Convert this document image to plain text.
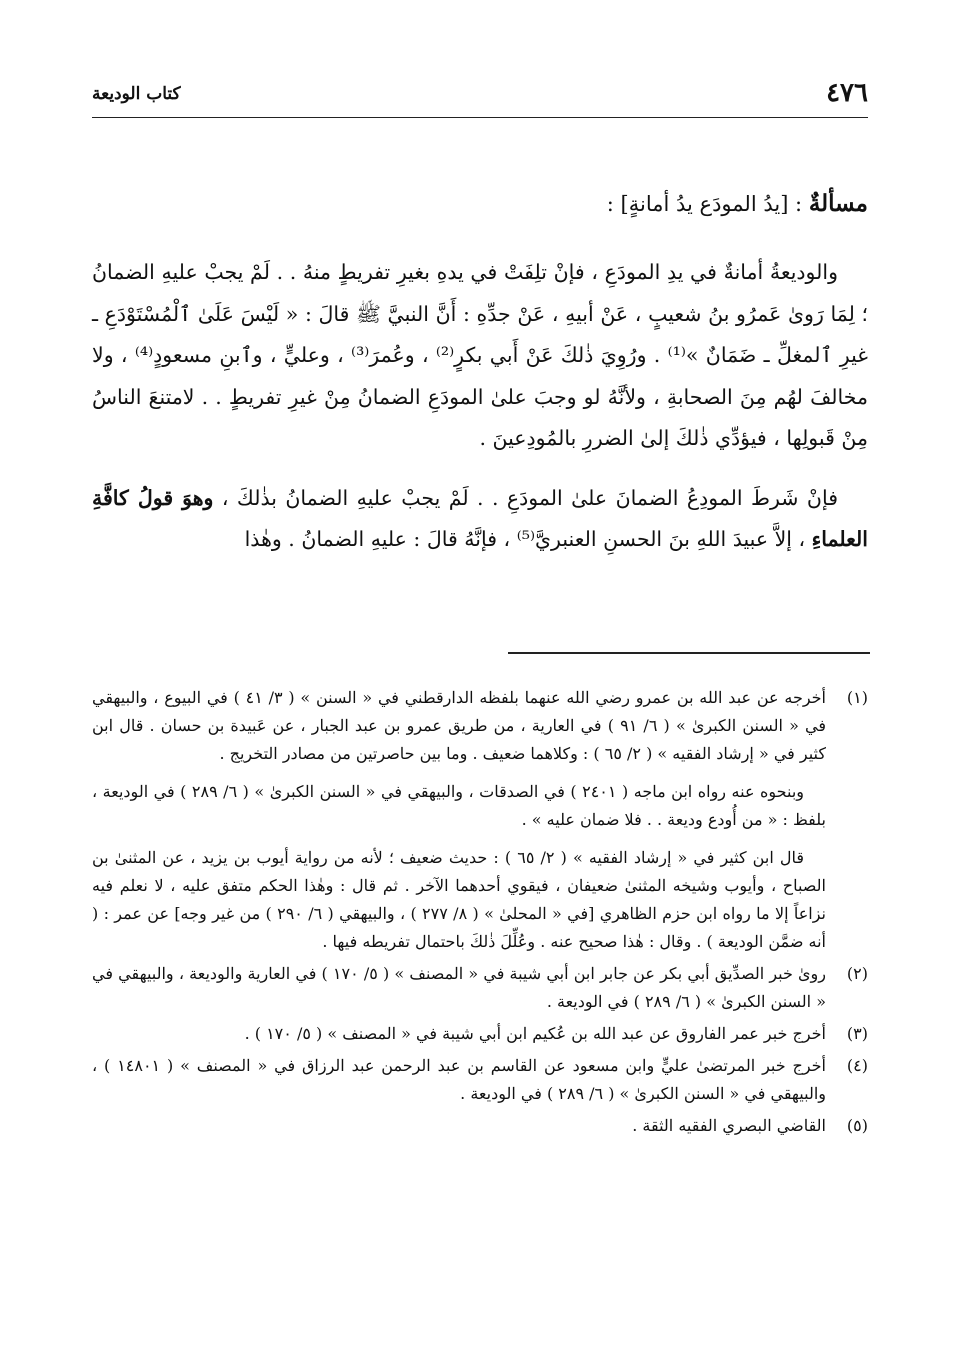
٤٧٦
كتاب الوديعة
مسألةٌ : [يدُ المودَع يدُ أمانةٍ] :

والوديعةُ أمانةٌ في يدِ المودَعِ ، فإنْ تلِفَتْ في يدهِ بغيرِ تفريطٍ منهُ . . لَمْ يجبْ عليهِ الضمانُ ؛ لِمَا رَوىٰ عَمرُو بنُ شعيبٍ ، عَنْ أبيهِ ، عَنْ جدِّهِ : أَنَّ النبيَّ ﷺ قالَ : « لَيْسَ عَلَىٰ ٱلْمُسْتَوْدَعِ ـ غيرِ ٱلمغلِّ ـ ضَمَانٌ »⁽¹⁾ . ورُوِيَ ذٰلكَ عَنْ أَبي بكرٍ⁽²⁾ ، وعُمرَ⁽³⁾ ، وعليٍّ ، وٱبنِ مسعودٍ⁽⁴⁾ ، ولا مخالفَ لهُم مِنَ الصحابةِ ، ولأنَّهُ لو وجبَ علىٰ المودَعِ الضمانُ مِنْ غيرِ تفريطٍ . . لامتنعَ الناسُ مِنْ قَبولِها ، فيؤدِّي ذٰلكَ إلىٰ الضررِ بالمُودِعينَ .

فإنْ شَرطَ المودِعُ الضمانَ علىٰ المودَعِ . . لَمْ يجبْ عليهِ الضمانُ بذٰلكَ ، وهوَ قولُ كافَّةِ العلماءِ ، إلاَّ عبيدَ اللهِ بنَ الحسنِ العنبريَّ⁽⁵⁾ ، فإنَّهُ قالَ : عليهِ الضمانُ . وهٰذا

(١)

أخرجه عن عبد الله بن عمرو رضي الله عنهما بلفظه الدارقطني في « السنن » ( ٣/ ٤١ ) في البيوع ، والبيهقي في « السنن الكبرىٰ » ( ٦/ ٩١ ) في العارية ، من طريق عمرو بن عبد الجبار ، عن عَبيدة بن حسان . قال ابن كثير في « إرشاد الفقيه » ( ٢/ ٦٥ ) : وكلاهما ضعيف . وما بين حاصرتين من مصادر التخريج .

وبنحوه عنه رواه ابن ماجه ( ٢٤٠١ ) في الصدقات ، والبيهقي في « السنن الكبرىٰ » ( ٦/ ٢٨٩ ) في الوديعة ، بلفظ : « من أُودع وديعة . . فلا ضمان عليه » .

قال ابن كثير في « إرشاد الفقيه » ( ٢/ ٦٥ ) : حديث ضعيف ؛ لأنه من رواية أيوب بن يزيد ، عن المثنىٰ بن الصباح ، وأيوب وشيخه المثنىٰ ضعيفان ، فيقوي أحدهما الآخر . ثم قال : وهٰذا الحكم متفق عليه ، لا نعلم فيه نزاعاً إلا ما رواه ابن حزم الظاهري [في « المحلىٰ » ( ٨/ ٢٧٧ ) ، والبيهقي ( ٦/ ٢٩٠ ) من غير وجه] عن عمر : ( أنه ضمَّن الوديعة ) . وقال : هٰذا صحيح عنه . وعُلِّلَ ذٰلكَ باحتمال تفريطه فيها .

(٢)
روىٰ خبر الصدِّيق أبي بكر عن جابر ابن أبي شيبة في « المصنف » ( ٥/ ١٧٠ ) في العارية والوديعة ، والبيهقي في « السنن الكبرىٰ » ( ٦/ ٢٨٩ ) في الوديعة .
(٣)
أخرج خبر عمر الفاروق عن عبد الله بن عُكيم ابن أبي شيبة في « المصنف » ( ٥/ ١٧٠ ) .
(٤)
أخرج خبر المرتضىٰ عليٍّ وابن مسعود عن القاسم بن عبد الرحمن عبد الرزاق في « المصنف » ( ١٤٨٠١ ) ، والبيهقي في « السنن الكبرىٰ » ( ٦/ ٢٨٩ ) في الوديعة .
(٥)
القاضي البصري الفقيه الثقة .
